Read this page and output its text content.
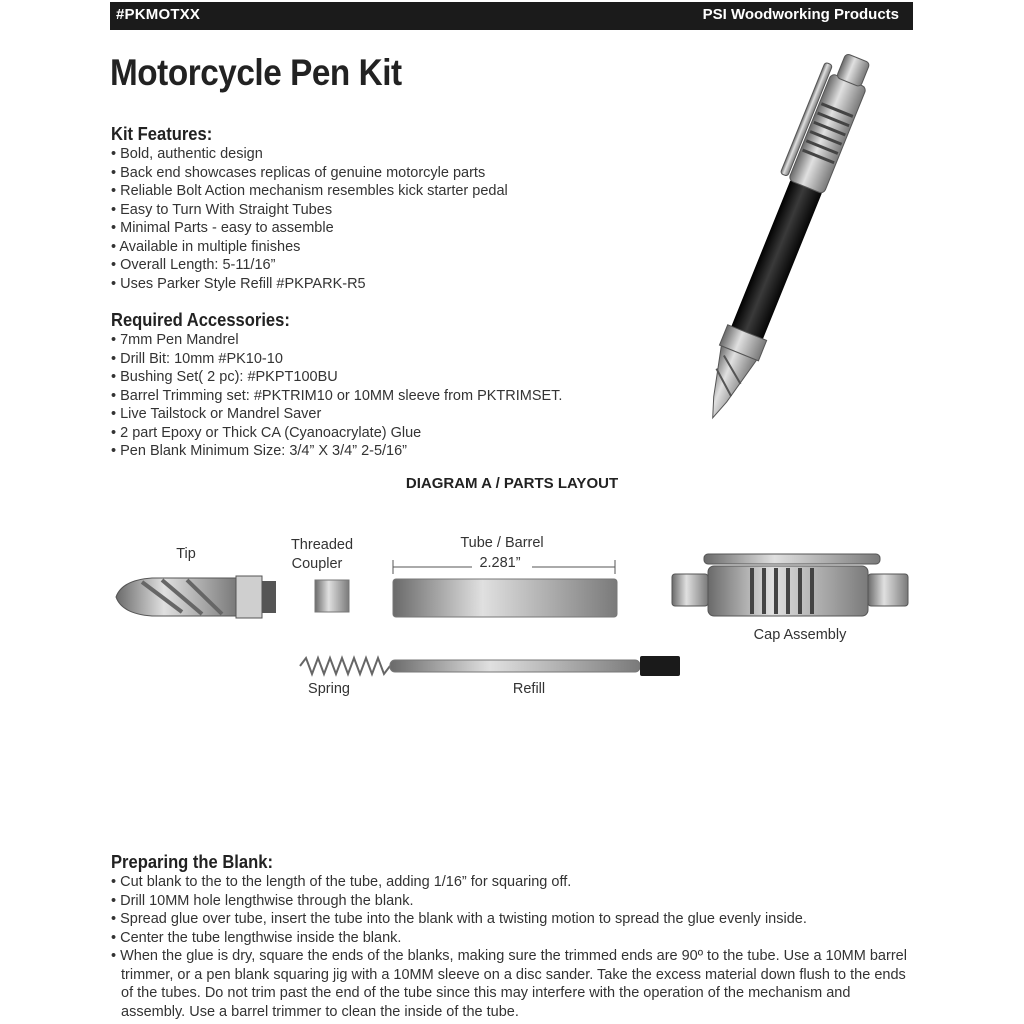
#PKMOTXX	PSI Woodworking Products
Motorcycle Pen Kit
Kit Features:
• Bold, authentic design
• Back end showcases replicas of genuine motorcyle parts
• Reliable Bolt Action mechanism resembles kick starter pedal
• Easy to Turn With Straight Tubes
• Minimal Parts - easy to assemble
• Available in multiple finishes
• Overall Length: 5-11/16”
• Uses Parker Style Refill #PKPARK-R5
Required Accessories:
• 7mm Pen Mandrel
• Drill Bit: 10mm #PK10-10
• Bushing Set( 2 pc): #PKPT100BU
• Barrel Trimming set: #PKTRIM10 or 10MM sleeve from PKTRIMSET.
• Live Tailstock or Mandrel Saver
• 2 part Epoxy or Thick CA (Cyanoacrylate) Glue
• Pen Blank Minimum Size: 3/4” X 3/4” 2-5/16”
DIAGRAM A / PARTS LAYOUT
Tip
Threaded
Coupler
Tube / Barrel
2.281”
Cap Assembly
Spring	Refill
Preparing the Blank:
• Cut blank to the to the length of the tube, adding 1/16” for squaring off.
• Drill 10MM hole lengthwise through the blank.
• Spread glue over tube, insert the tube into the blank with a twisting motion to spread the glue evenly inside.
• Center the tube lengthwise inside the blank.
• When the glue is dry, square the ends of the blanks, making sure the trimmed ends are 90º to the tube. Use a 10MM barrel trimmer, or a pen blank squaring jig with a 10MM sleeve on a disc sander. Take the excess material down flush to the ends of the tubes. Do not trim past the end of the tube since this may interfere with the operation of the mechanism and assembly. Use a barrel trimmer to clean the inside of the tube.
